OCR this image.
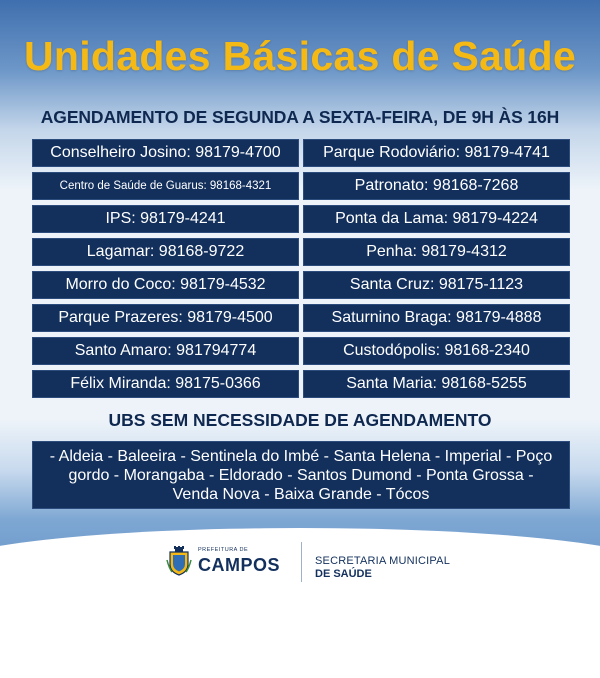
Unidades Básicas de Saúde
AGENDAMENTO DE SEGUNDA A SEXTA-FEIRA, DE 9H ÀS 16H
Conselheiro Josino: 98179-4700	Parque Rodoviário: 98179-4741
Centro de Saúde de Guarus: 98168-4321	Patronato: 98168-7268
IPS: 98179-4241	Ponta da Lama: 98179-4224
Lagamar: 98168-9722	Penha: 98179-4312
Morro do Coco: 98179-4532	Santa Cruz: 98175-1123
Parque Prazeres: 98179-4500	Saturnino Braga: 98179-4888
Santo Amaro: 981794774	Custodópolis: 98168-2340
Félix Miranda: 98175-0366	Santa Maria: 98168-5255
UBS SEM NECESSIDADE DE AGENDAMENTO
- Aldeia - Baleeira - Sentinela do Imbé - Santa Helena - Imperial - Poço gordo - Morangaba - Eldorado - Santos Dumond - Ponta Grossa - Venda Nova - Baixa Grande - Tócos
PREFEITURA DE
CAMPOS	SECRETARIA MUNICIPAL
DE SAÚDE
